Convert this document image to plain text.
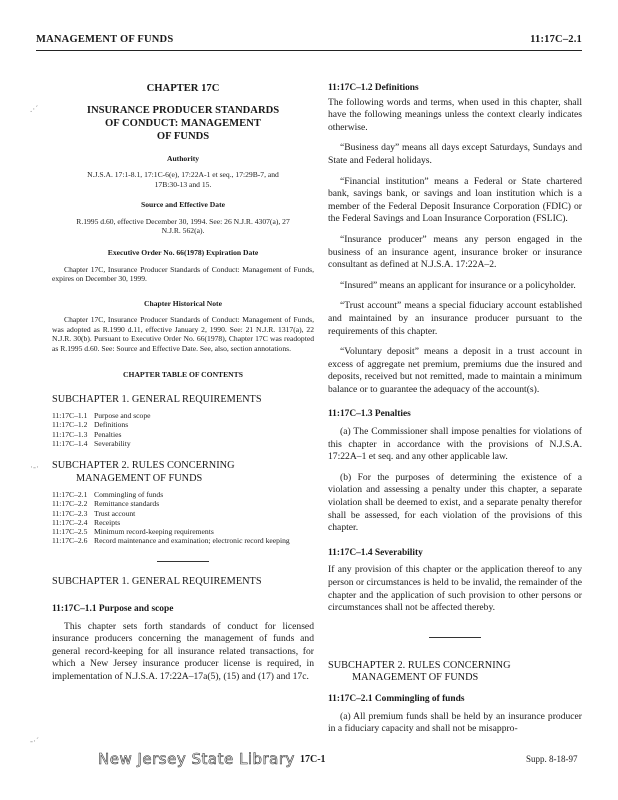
MANAGEMENT OF FUNDS	11:17C–2.1
.·´
·-·
-·´
CHAPTER 17C
INSURANCE PRODUCER STANDARDS
OF CONDUCT: MANAGEMENT
OF FUNDS
Authority
N.J.S.A. 17:1-8.1, 17:1C-6(e), 17:22A-1 et seq., 17:29B-7, and 17B:30-13 and 15.
Source and Effective Date
R.1995 d.60, effective December 30, 1994. See: 26 N.J.R. 4307(a), 27 N.J.R. 562(a).
Executive Order No. 66(1978) Expiration Date
Chapter 17C, Insurance Producer Standards of Conduct: Management of Funds, expires on December 30, 1999.
Chapter Historical Note
Chapter 17C, Insurance Producer Standards of Conduct: Management of Funds, was adopted as R.1990 d.11, effective January 2, 1990. See: 21 N.J.R. 1317(a), 22 N.J.R. 30(b). Pursuant to Executive Order No. 66(1978), Chapter 17C was readopted as R.1995 d.60. See: Source and Effective Date. See, also, section annotations.
CHAPTER TABLE OF CONTENTS
SUBCHAPTER 1. GENERAL REQUIREMENTS
11:17C–1.1 Purpose and scope
11:17C–1.2 Definitions
11:17C–1.3 Penalties
11:17C–1.4 Severability
SUBCHAPTER 2. RULES CONCERNING
MANAGEMENT OF FUNDS
11:17C–2.1 Commingling of funds
11:17C–2.2 Remittance standards
11:17C–2.3 Trust account
11:17C–2.4 Receipts
11:17C–2.5 Minimum record-keeping requirements
11:17C–2.6 Record maintenance and examination; electronic record keeping
SUBCHAPTER 1. GENERAL REQUIREMENTS
11:17C–1.1 Purpose and scope

This chapter sets forth standards of conduct for licensed insurance producers concerning the management of funds and general record-keeping for all insurance related transactions, for which a New Jersey insurance producer license is required, in implementation of N.J.S.A. 17:22A–17a(5), (15) and (17) and 17c.

11:17C–1.2 Definitions

The following words and terms, when used in this chapter, shall have the following meanings unless the context clearly indicates otherwise.

“Business day” means all days except Saturdays, Sundays and State and Federal holidays.

“Financial institution” means a Federal or State chartered bank, savings bank, or savings and loan institution which is a member of the Federal Deposit Insurance Corporation (FDIC) or the Federal Savings and Loan Insurance Corporation (FSLIC).

“Insurance producer” means any person engaged in the business of an insurance agent, insurance broker or insurance consultant as defined at N.J.S.A. 17:22A–2.

“Insured” means an applicant for insurance or a policyholder.

“Trust account” means a special fiduciary account established and maintained by an insurance producer pursuant to the requirements of this chapter.

“Voluntary deposit” means a deposit in a trust account in excess of aggregate net premium, premiums due the insured and deposits, received but not remitted, made to maintain a minimum balance or to guarantee the adequacy of the account(s).

11:17C–1.3 Penalties

(a) The Commissioner shall impose penalties for violations of this chapter in accordance with the provisions of N.J.S.A. 17:22A–1 et seq. and any other applicable law.

(b) For the purposes of determining the existence of a violation and assessing a penalty under this chapter, a separate violation shall be deemed to exist, and a separate penalty therefor shall be assessed, for each violation of the provisions of this chapter.

11:17C–1.4 Severability

If any provision of this chapter or the application thereof to any person or circumstances is held to be invalid, the remainder of the chapter and the application of such provision to other persons or circumstances shall not be affected thereby.

SUBCHAPTER 2. RULES CONCERNING
MANAGEMENT OF FUNDS
11:17C–2.1 Commingling of funds

(a) All premium funds shall be held by an insurance producer in a fiduciary capacity and shall not be misappro-

New Jersey State Library 17C-1	Supp. 8-18-97
